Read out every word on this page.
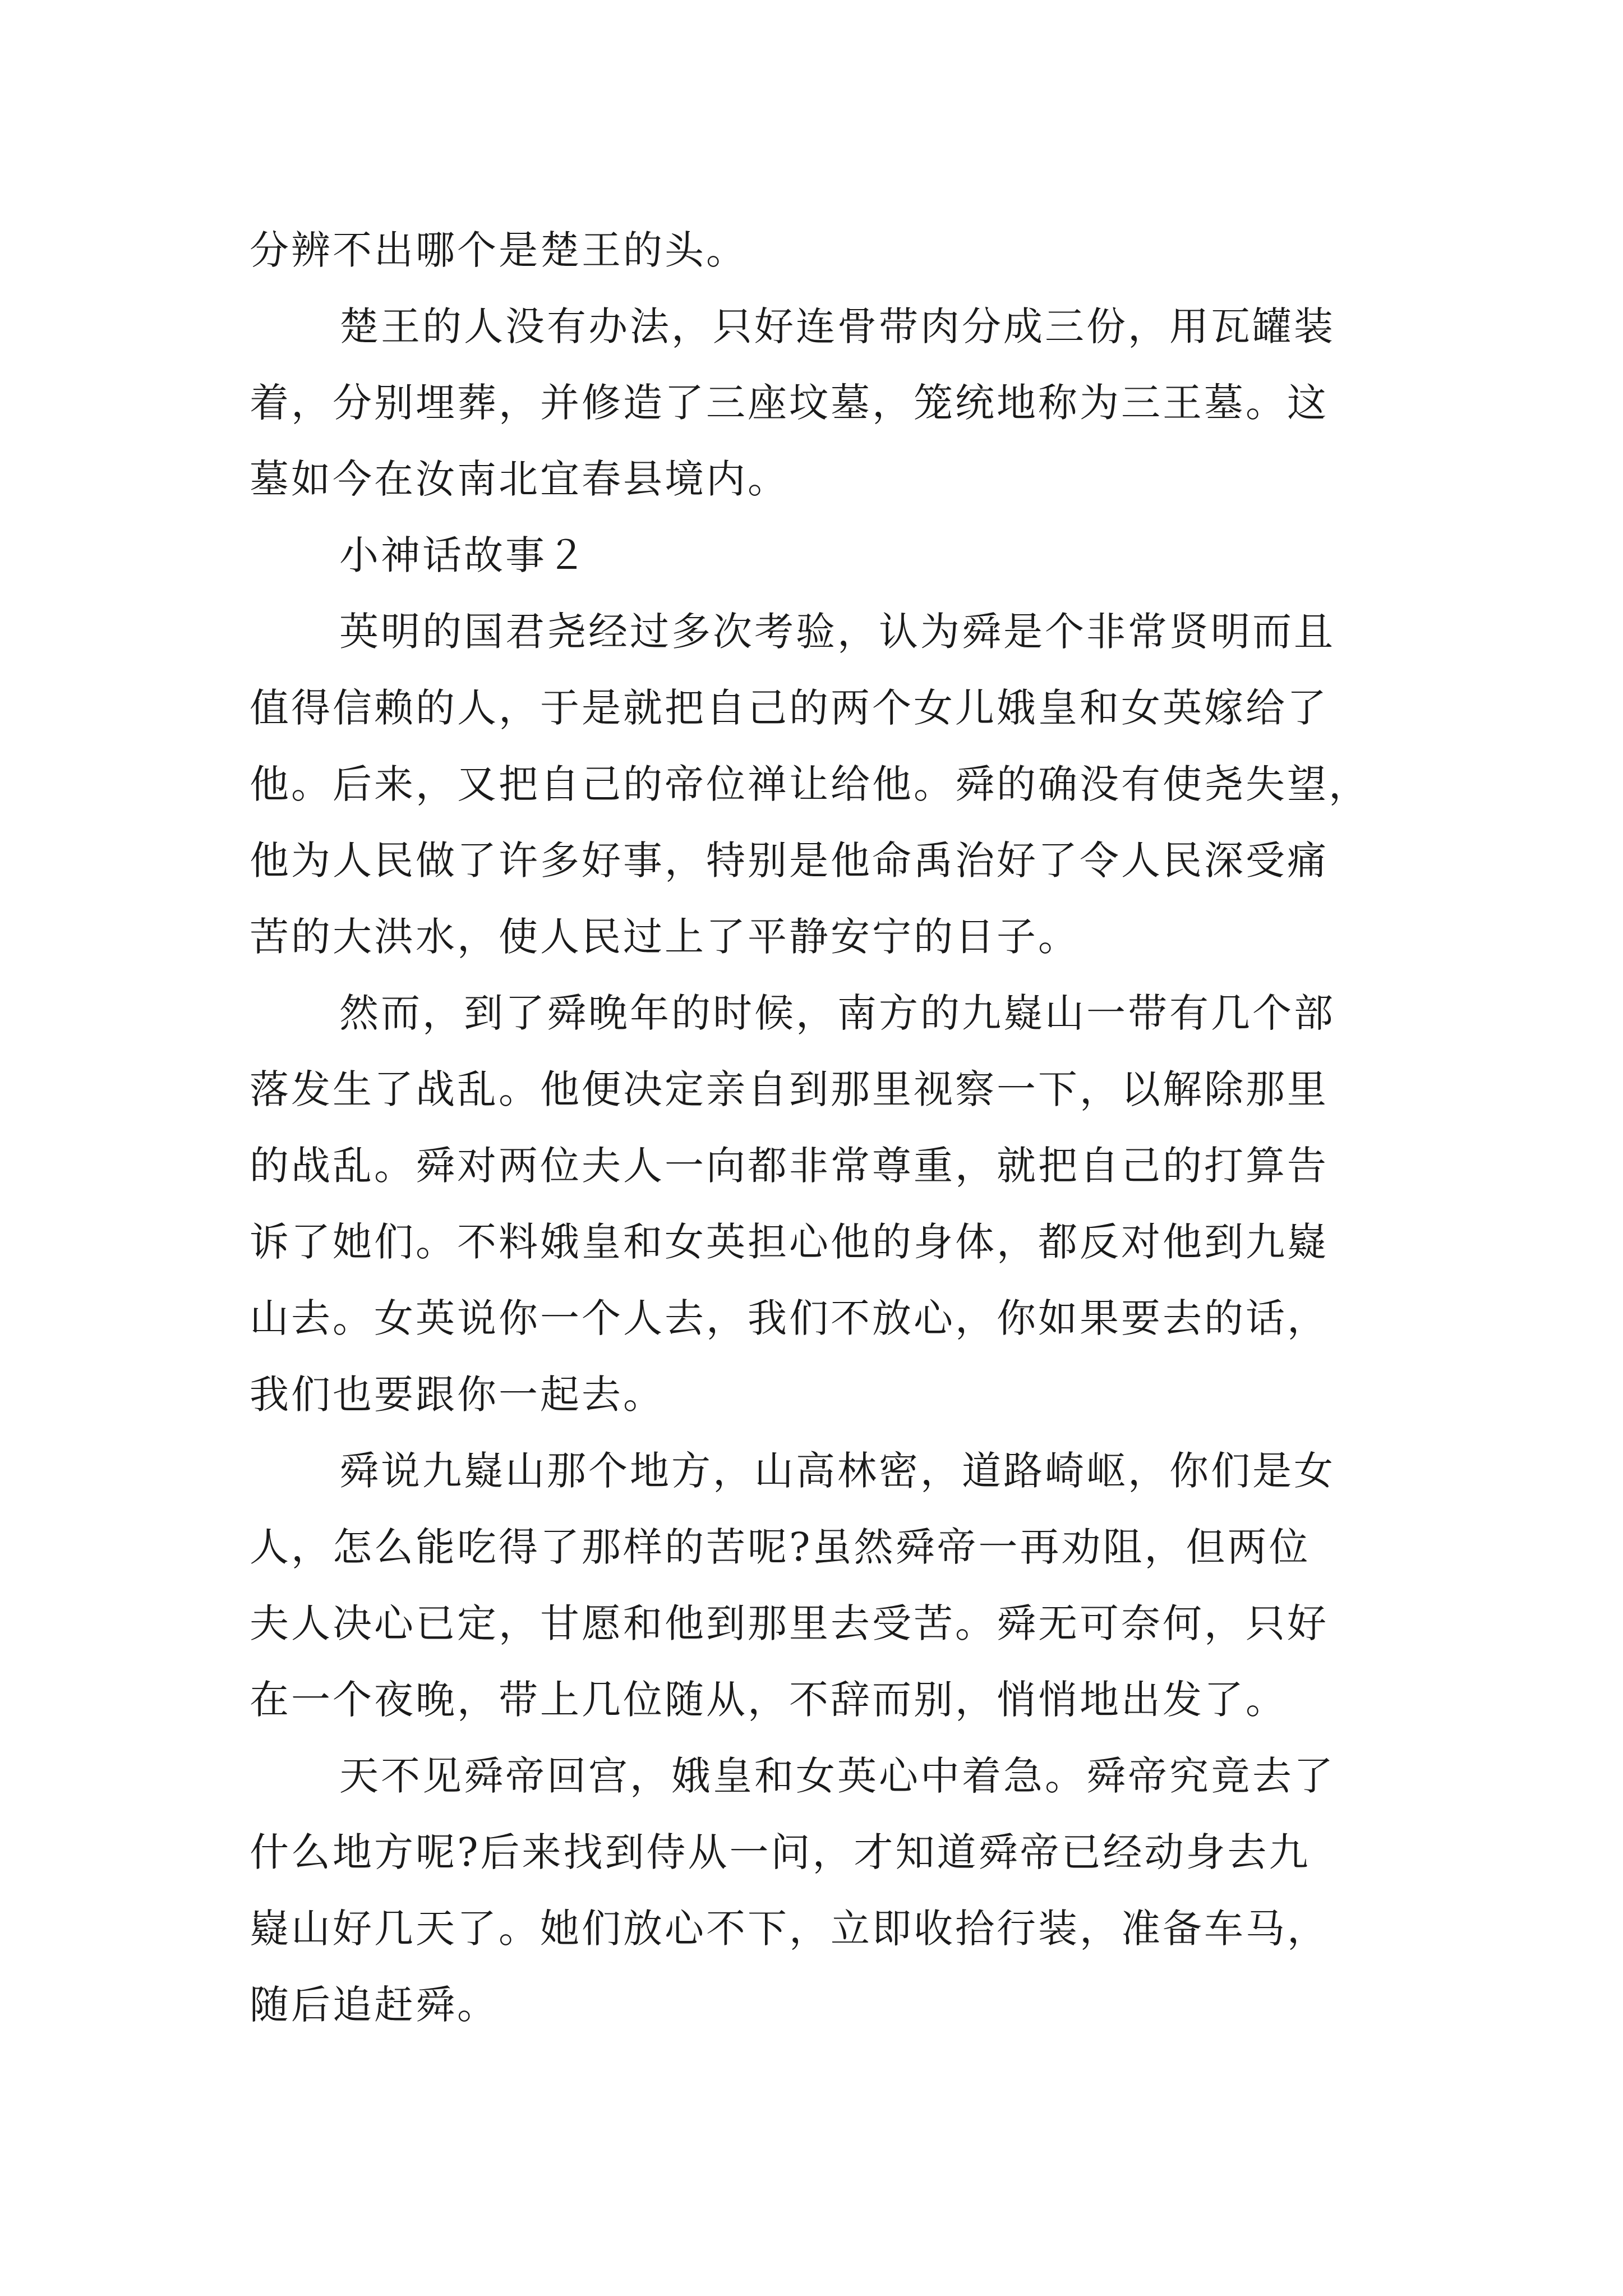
分辨不出哪个是楚王的头。
楚王的人没有办法，只好连骨带肉分成三份，用瓦罐装
着，分别埋葬，并修造了三座坟墓，笼统地称为三王墓。这
墓如今在汝南北宜春县境内。
小神话故事２
英明的国君尧经过多次考验，认为舜是个非常贤明而且
值得信赖的人，于是就把自己的两个女儿娥皇和女英嫁给了
他。后来，又把自己的帝位禅让给他。舜的确没有使尧失望，
他为人民做了许多好事，特别是他命禹治好了令人民深受痛
苦的大洪水，使人民过上了平静安宁的日子。
然而，到了舜晚年的时候，南方的九嶷山一带有几个部
落发生了战乱。他便决定亲自到那里视察一下，以解除那里
的战乱。舜对两位夫人一向都非常尊重，就把自己的打算告
诉了她们。不料娥皇和女英担心他的身体，都反对他到九嶷
山去。女英说你一个人去，我们不放心，你如果要去的话，
我们也要跟你一起去。
舜说九嶷山那个地方，山高林密，道路崎岖，你们是女
人，怎么能吃得了那样的苦呢?虽然舜帝一再劝阻，但两位
夫人决心已定，甘愿和他到那里去受苦。舜无可奈何，只好
在一个夜晚，带上几位随从，不辞而别，悄悄地出发了。
天不见舜帝回宫，娥皇和女英心中着急。舜帝究竟去了
什么地方呢?后来找到侍从一问，才知道舜帝已经动身去九
嶷山好几天了。她们放心不下，立即收拾行装，准备车马，
随后追赶舜。
